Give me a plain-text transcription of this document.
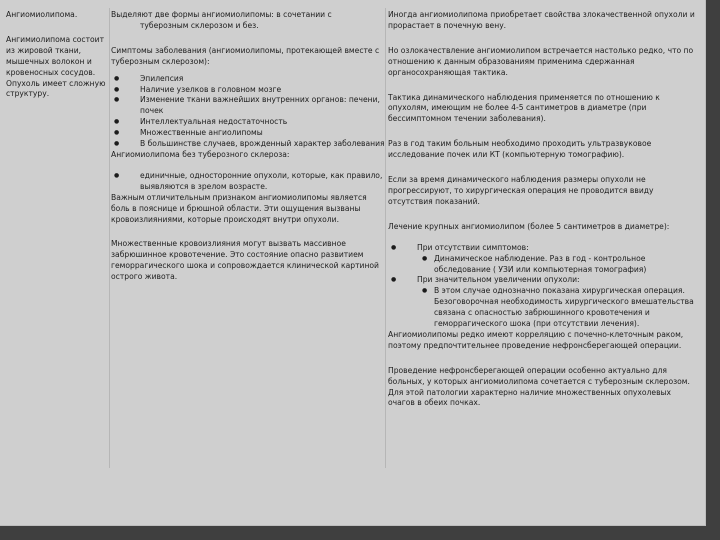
Ангиомиолипома.

Ангимиолипома состоит из жировой ткани, мышечных волокон и кровеносных сосудов. Опухоль имеет сложную структуру.

Выделяют две формы ангиомиолипомы: в сочетании с

туберозным склерозом и без.

Симптомы заболевания (ангиомиолипомы, протекающей вместе с туберозным склерозом):

●	Эпилепсия
●	Наличие узелков в головном мозге
●	Изменение ткани важнейших внутренних органов: печени, почек
●	Интеллектуальная недостаточность
●	Множественные ангиолипомы
●	В большинстве случаев, врожденный характер заболевания

Ангиомиолипома без туберозного склероза:

●	единичные, односторонние опухоли, которые, как правило, выявляются в зрелом возрасте.

Важным отличительным признаком ангиомиолипомы является боль в пояснице и брюшной области. Эти ощущения вызваны кровоизлияниями, которые происходят внутри опухоли.

Множественные кровоизлияния могут вызвать массивное забрюшинное кровотечение. Это состояние опасно развитием геморрагического шока и сопровождается клинической картиной острого живота.

Иногда ангиомиолипома приобретает свойства злокачественной опухоли и прорастает в почечную вену.

Но озлокачествление ангиомиолипом встречается настолько редко, что по отношению к данным образованиям применима сдержанная органосохраняющая тактика.

Тактика динамического наблюдения применяется по отношению к опухолям, имеющим не более 4-5 сантиметров в диаметре (при бессимптомном течении заболевания).

Раз в год таким больным необходимо проходить ультразвуковое исследование почек или КТ (компьютерную томографию).

Если за время динамического наблюдения размеры опухоли не прогрессируют, то хирургическая операция не проводится ввиду отсутствия показаний.

Лечение крупных ангиомиолипом (более 5 сантиметров в диаметре):

●	При отсутствии симптомов:
● Динамическое наблюдение. Раз в год - контрольное обследование ( УЗИ или компьютерная томография)
●	При значительном увеличении опухоли:
● В этом случае однозначно показана хирургическая операция. Безоговорочная необходимость хирургического вмешательства связана с опасностью забрюшинного кровотечения и геморрагического шока (при отсутствии лечения).

Ангиомиолипомы редко имеют корреляцию с почечно-клеточным раком, поэтому предпочтительнее проведение нефронсберегающей операции.

Проведение нефронсберегающей операции особенно актуально для больных, у которых ангиомиолипома сочетается с туберозным склерозом. Для этой патологии характерно наличие множественных опухолевых очагов в обеих почках.
